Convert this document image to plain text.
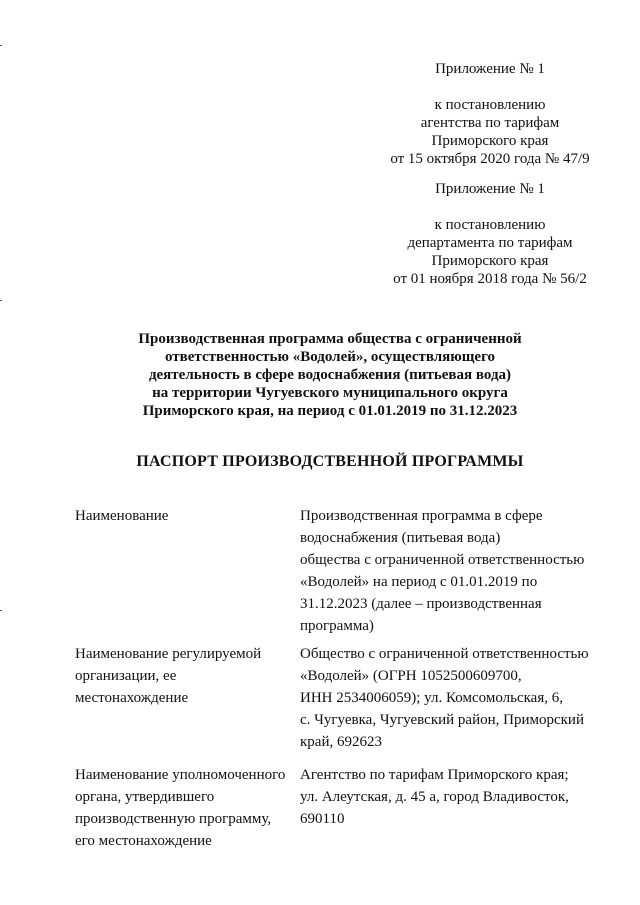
Приложение № 1
к постановлению
агентства по тарифам
Приморского края
от 15 октября 2020 года № 47/9
Приложение № 1
к постановлению
департамента по тарифам
Приморского края
от 01 ноября 2018 года № 56/2
Производственная программа общества с ограниченной
ответственностью «Водолей», осуществляющего
деятельность в сфере водоснабжения (питьевая вода)
на территории Чугуевского муниципального округа
Приморского края, на период с 01.01.2019 по 31.12.2023
ПАСПОРТ ПРОИЗВОДСТВЕННОЙ ПРОГРАММЫ
Наименование	Производственная программа в сфере
водоснабжения (питьевая вода)
общества с ограниченной ответственностью
«Водолей» на период с 01.01.2019 по
31.12.2023 (далее – производственная
программа)
Наименование регулируемой
организации, ее
местонахождение
Общество с ограниченной ответственностью
«Водолей» (ОГРН 1052500609700,
ИНН 2534006059); ул. Комсомольская, 6,
с. Чугуевка, Чугуевский район, Приморский
край, 692623
Наименование уполномоченного
органа, утвердившего
производственную программу,
его местонахождение
Агентство по тарифам Приморского края;
ул. Алеутская, д. 45 а, город Владивосток,
690110
